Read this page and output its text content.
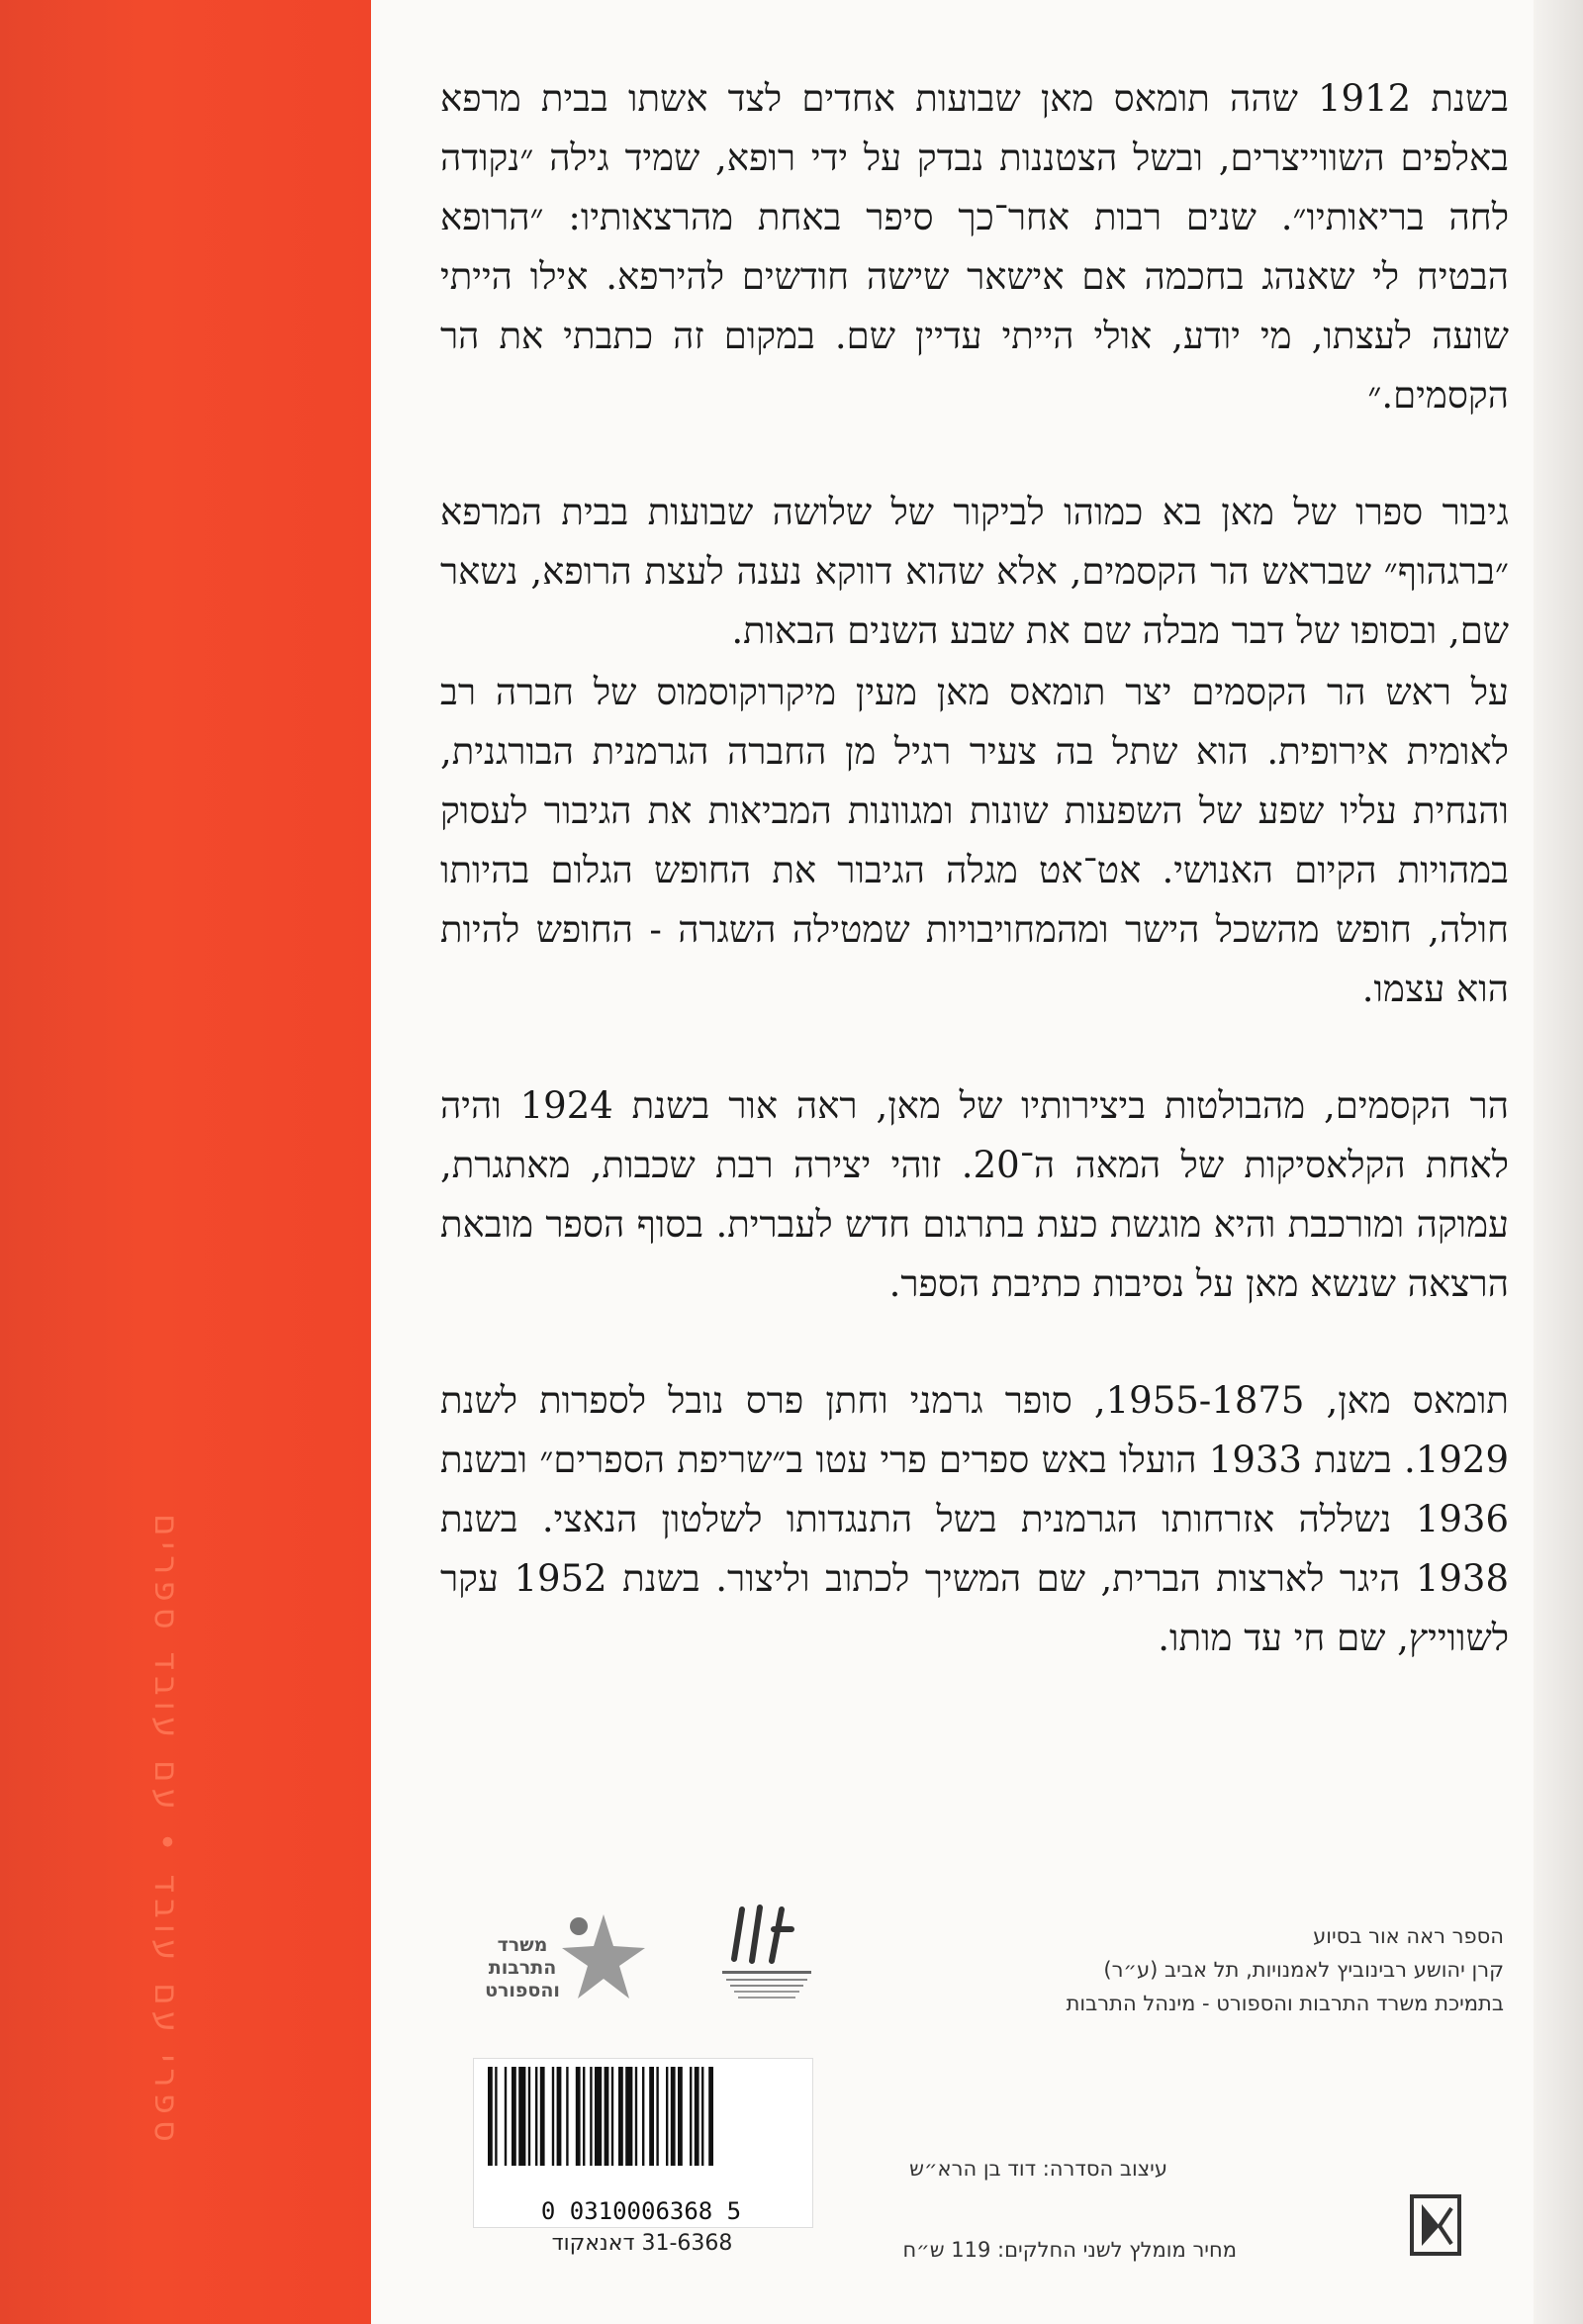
ספרי עם עובד • עם עובד ספרים

בשנת 1912 שהה תומאס מאן שבועות אחדים לצד אשתו בבית מרפא באלפים השווייצרים, ובשל הצטננות נבדק על ידי רופא, שמיד גילה ״נקודה לחה בריאותיו״. שנים רבות אחר־כך סיפר באחת מהרצאותיו: ״הרופא הבטיח לי שאנהג בחכמה אם אישאר שישה חודשים להירפא. אילו הייתי שועה לעצתו, מי יודע, אולי הייתי עדיין שם. במקום זה כתבתי את הר הקסמים.״

גיבור ספרו של מאן בא כמוהו לביקור של שלושה שבועות בבית המרפא ״ברגהוף״ שבראש הר הקסמים, אלא שהוא דווקא נענה לעצת הרופא, נשאר שם, ובסופו של דבר מבלה שם את שבע השנים הבאות.

על ראש הר הקסמים יצר תומאס מאן מעין מיקרוקוסמוס של חברה רב לאומית אירופית. הוא שתל בה צעיר רגיל מן החברה הגרמנית הבורגנית, והנחית עליו שפע של השפעות שונות ומגוונות המביאות את הגיבור לעסוק במהויות הקיום האנושי. אט־אט מגלה הגיבור את החופש הגלום בהיותו חולה, חופש מהשכל הישר ומהמחויבויות שמטילה השגרה - החופש להיות הוא עצמו.

הר הקסמים, מהבולטות ביצירותיו של מאן, ראה אור בשנת 1924 והיה לאחת הקלאסיקות של המאה ה־20. זוהי יצירה רבת שכבות, מאתגרת, עמוקה ומורכבת והיא מוגשת כעת בתרגום חדש לעברית. בסוף הספר מובאת הרצאה שנשא מאן על נסיבות כתיבת הספר.

תומאס מאן, 1955-1875, סופר גרמני וחתן פרס נובל לספרות לשנת 1929. בשנת 1933 הועלו באש ספרים פרי עטו ב״שריפת הספרים״ ובשנת 1936 נשללה אזרחותו הגרמנית בשל התנגדותו לשלטון הנאצי. בשנת 1938 היגר לארצות הברית, שם המשיך לכתוב וליצור. בשנת 1952 עקר לשווייץ, שם חי עד מותו.

משרד התרבות והספורט
הספר ראה אור בסיוע
קרן יהושע רבינוביץ לאמנויות, תל אביב (ע״ר)
בתמיכת משרד התרבות והספורט - מינהל התרבות
0 0310006368 5
31-6368 דאנאקוד
עיצוב הסדרה: דוד בן הרא״ש
מחיר מומלץ לשני החלקים: 119 ש״ח
